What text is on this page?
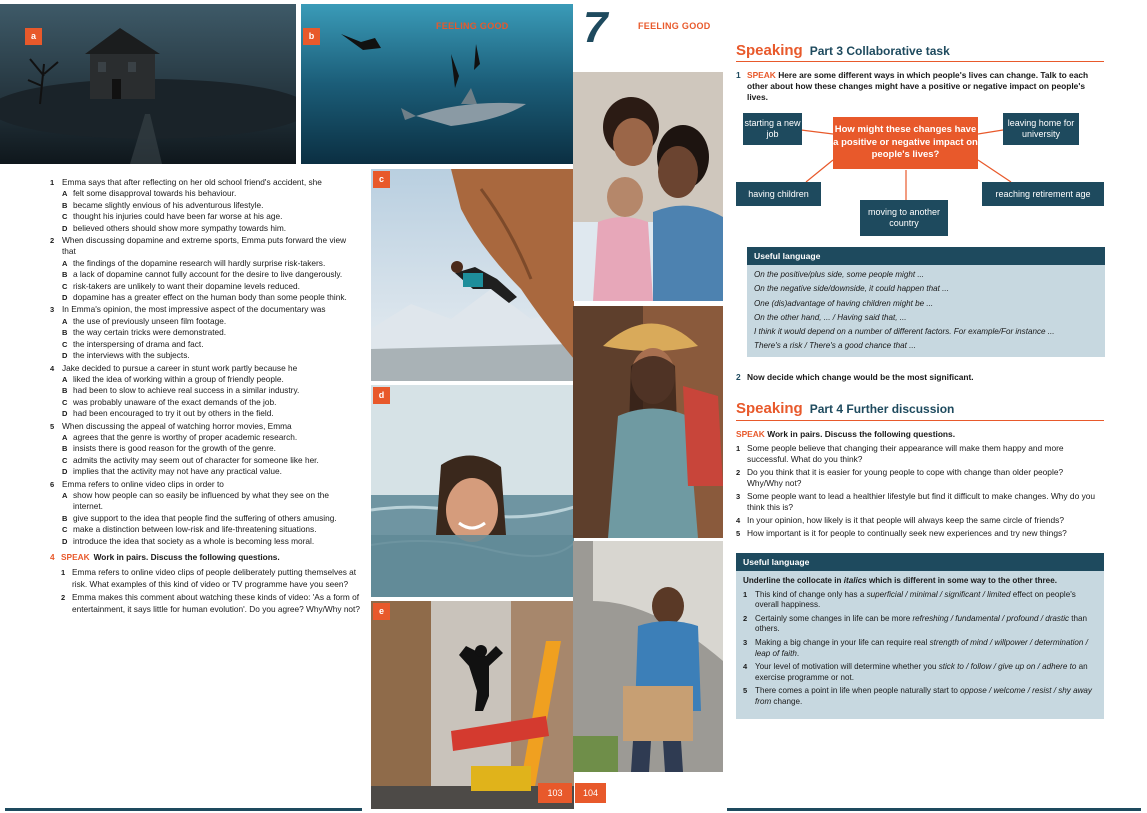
a	b
FEELING GOOD
c
d
e
1 Emma says that after reflecting on her old school friend's accident, she
A felt some disapproval towards his behaviour.
B became slightly envious of his adventurous lifestyle.
C thought his injuries could have been far worse at his age.
D believed others should show more sympathy towards him.
2 When discussing dopamine and extreme sports, Emma puts forward the view that
A the findings of the dopamine research will hardly surprise risk-takers.
B a lack of dopamine cannot fully account for the desire to live dangerously.
C risk-takers are unlikely to want their dopamine levels reduced.
D dopamine has a greater effect on the human body than some people think.
3 In Emma's opinion, the most impressive aspect of the documentary was
A the use of previously unseen film footage.
B the way certain tricks were demonstrated.
C the interspersing of drama and fact.
D the interviews with the subjects.
4 Jake decided to pursue a career in stunt work partly because he
A liked the idea of working within a group of friendly people.
B had been to slow to achieve real success in a similar industry.
C was probably unaware of the exact demands of the job.
D had been encouraged to try it out by others in the field.
5 When discussing the appeal of watching horror movies, Emma
A agrees that the genre is worthy of proper academic research.
B insists there is good reason for the growth of the genre.
C admits the activity may seem out of character for someone like her.
D implies that the activity may not have any practical value.
6 Emma refers to online video clips in order to
A show how people can so easily be influenced by what they see on the internet.
B give support to the idea that people find the suffering of others amusing.
C make a distinction between low-risk and life-threatening situations.
D introduce the idea that society as a whole is becoming less moral.
4 SPEAK Work in pairs. Discuss the following questions.
1 Emma refers to online video clips of people deliberately putting themselves at risk. What examples of this kind of video or TV programme have you seen?
2 Emma makes this comment about watching these kinds of video: 'As a form of entertainment, it says little for human evolution'. Do you agree? Why/Why not?
7	FEELING GOOD
Speaking Part 3 Collaborative task
1 SPEAK Here are some different ways in which people's lives can change. Talk to each other about how these changes might have a positive or negative impact on people's lives.
starting a new job	How might these changes have a positive or negative impact on people's lives?
leaving home for university
having children	reaching retirement age
moving to another country
Useful language
On the positive/plus side, some people might ...
On the negative side/downside, it could happen that ...
One (dis)advantage of having children might be ...
On the other hand, ... / Having said that, ...
I think it would depend on a number of different factors. For example/For instance ...
There's a risk / There's a good chance that ...
2 Now decide which change would be the most significant.
Speaking Part 4 Further discussion
SPEAK Work in pairs. Discuss the following questions.
1 Some people believe that changing their appearance will make them happy and more successful. What do you think?
2 Do you think that it is easier for young people to cope with change than older people? Why/Why not?
3 Some people want to lead a healthier lifestyle but find it difficult to make changes. Why do you think this is?
4 In your opinion, how likely is it that people will always keep the same circle of friends?
5 How important is it for people to continually seek new experiences and try new things?
Useful language
Underline the collocate in italics which is different in some way to the other three.
1 This kind of change only has a superficial / minimal / significant / limited effect on people's overall happiness.
2 Certainly some changes in life can be more refreshing / fundamental / profound / drastic than others.
3 Making a big change in your life can require real strength of mind / willpower / determination / leap of faith.
4 Your level of motivation will determine whether you stick to / follow / give up on / adhere to an exercise programme or not.
5 There comes a point in life when people naturally start to oppose / welcome / resist / shy away from change.
103	104
